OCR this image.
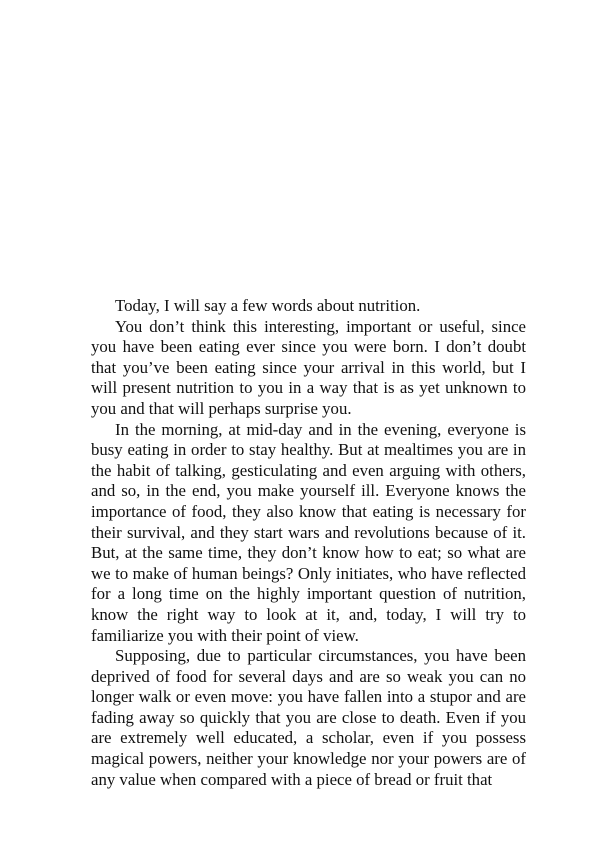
Today, I will say a few words about nutrition.

You don’t think this interesting, important or useful, since you have been eating ever since you were born. I don’t doubt that you’ve been eating since your arrival in this world, but I will present nutrition to you in a way that is as yet unknown to you and that will perhaps surprise you.

In the morning, at mid-day and in the evening, everyone is busy eating in order to stay healthy. But at mealtimes you are in the habit of talking, gesticulating and even arguing with others, and so, in the end, you make yourself ill. Everyone knows the importance of food, they also know that eating is necessary for their survival, and they start wars and revolutions because of it. But, at the same time, they don’t know how to eat; so what are we to make of human beings? Only initiates, who have reflected for a long time on the highly important question of nutrition, know the right way to look at it, and, today, I will try to familiarize you with their point of view.

Supposing, due to particular circumstances, you have been deprived of food for several days and are so weak you can no longer walk or even move: you have fallen into a stupor and are fading away so quickly that you are close to death. Even if you are extremely well educated, a scholar, even if you possess magical powers, neither your knowledge nor your powers are of any value when compared with a piece of bread or fruit that
